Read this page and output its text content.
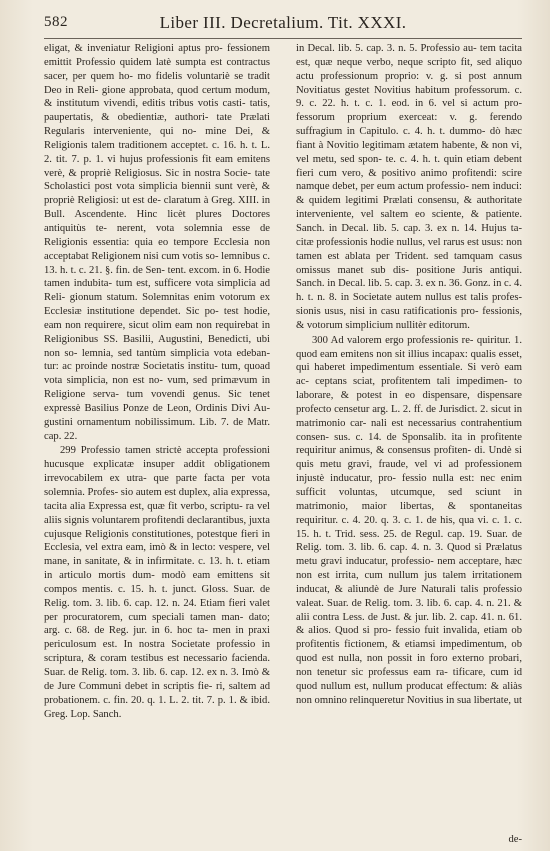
582	Liber III. Decretalium. Tit. XXXI.

eligat, & inveniatur Religioni aptus pro- fessionem emittit Professio quidem latè sumpta est contractus sacer, per quem ho- mo fidelis voluntariè se tradit Deo in Reli- gione approbata, quod certum modum, & institutum vivendi, editis tribus votis casti- tatis, paupertatis, & obedientiæ, authori- tate Prælati Regularis interveniente, qui no- mine Dei, & Religionis talem traditionem acceptet. c. 16. h. t. L. 2. tit. 7. p. 1. vi hujus professionis fit eam emitens verè, & propriè Religiosus. Sic in nostra Socie- tate Scholastici post vota simplicia biennii sunt verè, & propriè Religiosi: ut est de- claratum à Greg. XIII. in Bull. Ascendente. Hinc licèt plures Doctores antiquitùs te- nerent, vota solemnia esse de Religionis essentia: quia eo tempore Ecclesia non acceptabat Religionem nisi cum votis so- lemnibus c. 13. h. t. c. 21. §. fin. de Sen- tent. excom. in 6. Hodie tamen indubita- tum est, sufficere vota simplicia ad Reli- gionum statum. Solemnitas enim votorum ex Ecclesiæ institutione dependet. Sic po- test hodie, eam non requirere, sicut olim eam non requirebat in Religionibus SS. Basilii, Augustini, Benedicti, ubi non so- lemnia, sed tantùm simplicia vota edeban- tur: ac proinde nostræ Societatis institu- tum, quoad vota simplicia, non est no- vum, sed primævum in Religione serva- tum vovendi genus. Sic tenet expressè Basilius Ponze de Leon, Ordinis Divi Au- gustini ornamentum nobilissimum. Lib. 7. de Matr. cap. 22.

299 Professio tamen strictè accepta professioni hucusque explicatæ insuper addit obligationem irrevocabilem ex utra- que parte facta per vota solemnia. Profes- sio autem est duplex, alia expressa, tacita alia Expressa est, quæ fit verbo, scriptu- ra vel aliis signis voluntarem profitendi declarantibus, juxta cujusque Religionis constitutiones, potestque fieri in Ecclesia, vel extra eam, imò & in lecto: vespere, vel mane, in sanitate, & in infirmitate. c. 13. h. t. etiam in articulo mortis dum- modò eam emittens sit compos mentis. c. 15. h. t. junct. Gloss. Suar. de Relig. tom. 3. lib. 6. cap. 12. n. 24. Etiam fieri valet per procuratorem, cum speciali tamen man- dato; arg. c. 68. de Reg. jur. in 6. hoc ta- men in praxi periculosum est. In nostra Societate professio in scriptura, & coram testibus est necessario facienda. Suar. de Relig. tom. 3. lib. 6. cap. 12. ex n. 3. Imò & de Jure Communi debet in scriptis fie- ri, saltem ad probationem. c. fin. 20. q. 1. L. 2. tit. 7. p. 1. & ibid. Greg. Lop. Sanch.

in Decal. lib. 5. cap. 3. n. 5. Professio au- tem tacita est, quæ neque verbo, neque scripto fit, sed aliquo actu professionum proprio: v. g. si post annum Novitiatus gestet Novitius habitum professorum. c. 9. c. 22. h. t. c. 1. eod. in 6. vel si actum pro- fessorum proprium exerceat: v. g. ferendo suffragium in Capitulo. c. 4. h. t. dummo- dò hæc fiant à Novitio legitimam ætatem habente, & non vi, vel metu, sed spon- te. c. 4. h. t. quin etiam debent fieri cum vero, & positivo animo profitendi: scire namque debet, per eum actum professio- nem induci: & quidem legitimi Prælati consensu, & authoritate interveniente, vel saltem eo sciente, & patiente. Sanch. in Decal. lib. 5. cap. 3. ex n. 14. Hujus ta- citæ professionis hodie nullus, vel rarus est usus: non tamen est ablata per Trident. sed tamquam casus omissus manet sub dis- positione Juris antiqui. Sanch. in Decal. lib. 5. cap. 3. ex n. 36. Gonz. in c. 4. h. t. n. 8. in Societate autem nullus est talis profes- sionis usus, nisi in casu ratificationis pro- fessionis, & votorum simplicium nullitèr editorum.

300 Ad valorem ergo professionis re- quiritur. 1. quod eam emitens non sit illius incapax: qualis esset, qui haberet impedimentum essentiale. Si verò eam ac- ceptans sciat, profitentem tali impedimen- to laborare, & potest in eo dispensare, dispensare profecto censetur arg. L. 2. ff. de Jurisdict. 2. sicut in matrimonio car- nali est necessarius contrahentium consen- sus. c. 14. de Sponsalib. ita in profitente requiritur animus, & consensus profiten- di. Undè si quis metu gravi, fraude, vel vi ad professionem injustè inducatur, pro- fessio nulla est: nec enim sufficit voluntas, utcumque, sed sciunt in matrimonio, maior libertas, & spontaneitas requiritur. c. 4. 20. q. 3. c. 1. de his, qua vi. c. 1. c. 15. h. t. Trid. sess. 25. de Regul. cap. 19. Suar. de Relig. tom. 3. lib. 6. cap. 4. n. 3. Quod si Prælatus metu gravi inducatur, professio- nem acceptare, hæc non est irrita, cum nullum jus talem irritationem inducat, & aliundè de Jure Naturali talis professio valeat. Suar. de Relig. tom. 3. lib. 6. cap. 4. n. 21. & alii contra Less. de Just. & jur. lib. 2. cap. 41. n. 61. & alios. Quod si pro- fessio fuit invalida, etiam ob profitentis fictionem, & etiamsi impedimentum, ob quod est nulla, non possit in foro externo probari, non tenetur sic professus eam ra- tificare, cum id quod nullum est, nullum producat effectum: & aliàs non omnino relinqueretur Novitius in sua libertate, ut

de-
